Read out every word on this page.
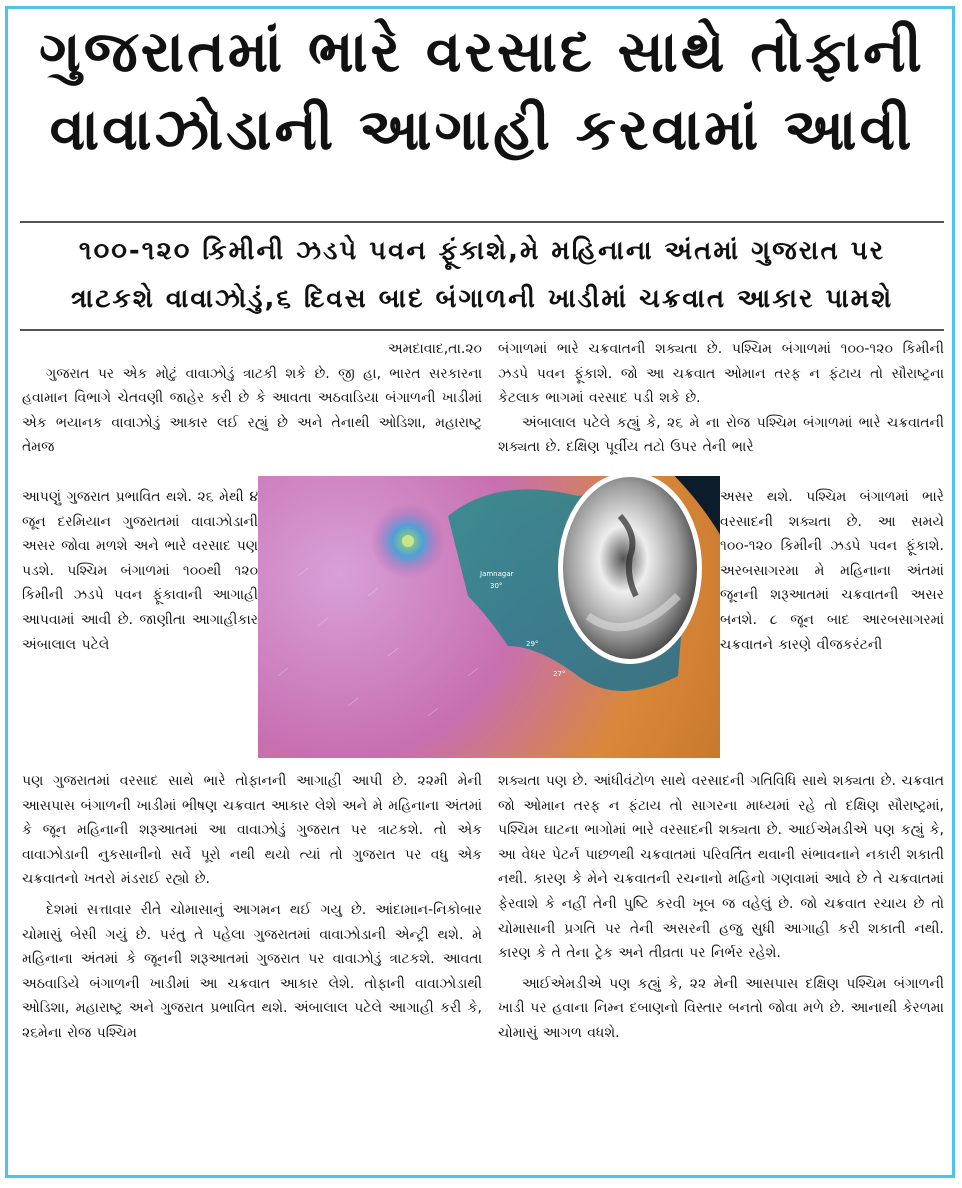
ગુજરાતમાં ભારે વરસાદ સાથે તોફાની
વાવાઝોડાની આગાહી કરવામાં આવી
૧૦૦-૧૨૦ કિમીની ઝડપે પવન ફૂંકાશે,મે મહિનાના અંતમાં ગુજરાત પર
ત્રાટકશે વાવાઝોડું,૬ દિવસ બાદ બંગાળની ખાડીમાં ચક્રવાત આકાર પામશે
અમદાવાદ,તા.૨૦

ગુજરાત પર એક મોટું વાવાઝોડું ત્રાટકી શકે છે. જી હા, ભારત સરકારના હવામાન વિભાગે ચેતવણી જાહેર કરી છે કે આવતા અઠવાડિયા બંગાળની ખાડીમાં એક ભયાનક વાવાઝોડું આકાર લઈ રહ્યું છે અને તેનાથી ઓડિશા, મહારાષ્ટ્ર તેમજ

આપણું ગુજરાત પ્રભાવિત થશે. ૨૬ મેથી ૪ જૂન દરમિયાન ગુજરાતમાં વાવાઝોડાની અસર જોવા મળશે અને ભારે વરસાદ પણ પડશે. પશ્ચિમ બંગાળમાં ૧૦૦થી ૧૨૦ કિમીની ઝડપે પવન ફૂંકાવાની આગાહી આપવામાં આવી છે. જાણીતા આગાહીકાર અંબાલાલ પટેલે

પણ ગુજરાતમાં વરસાદ સાથે ભારે તોફાનની આગાહી આપી છે. ૨૨મી મેની આસપાસ બંગાળની ખાડીમાં ભીષણ ચક્રવાત આકાર લેશે અને મે મહિનાના અંતમાં કે જૂન મહિનાની શરૂઆતમાં આ વાવાઝોડું ગુજરાત પર ત્રાટકશે. તો એક વાવાઝોડાની નુકસાનીનો સર્વે પૂરો નથી થયો ત્યાં તો ગુજરાત પર વધુ એક ચક્રવાતનો ખતરો મંડરાઈ રહ્યો છે.

દેશમાં સત્તાવાર રીતે ચોમાસાનું આગમન થઈ ગયુ છે. આંદામાન-નિકોબાર ચોમાસું બેસી ગયું છે. પરંતુ તે પહેલા ગુજરાતમાં વાવાઝોડાની એન્ટ્રી થશે. મે મહિનાના અંતમાં કે જૂનની શરૂઆતમાં ગુજરાત પર વાવાઝોડું ત્રાટકશે. આવતા અઠવાડિયે બંગાળની ખાડીમાં આ ચક્રવાત આકાર લેશે. તોફાની વાવાઝોડાથી ઓડિશા, મહારાષ્ટ્ર અને ગુજરાત પ્રભાવિત થશે. અંબાલાલ પટેલે આગાહી કરી કે, ૨૬મેના રોજ પશ્ચિમ

બંગાળમાં ભારે ચક્રવાતની શક્યતા છે. પશ્ચિમ બંગાળમાં ૧૦૦-૧૨૦ કિમીની ઝડપે પવન ફૂંકાશે. જો આ ચક્રવાત ઓમાન તરફ ન ફંટાય તો સૌરાષ્ટ્રના કેટલાક ભાગમાં વરસાદ પડી શકે છે.

અંબાલાલ પટેલે કહ્યું કે, ૨૬ મે ના રોજ પશ્ચિમ બંગાળમાં ભારે ચક્રવાતની શક્યતા છે. દક્ષિણ પૂર્વીય તટો ઉપર તેની ભારે

અસર થશે. પશ્ચિમ બંગાળમાં ભારે વરસાદની શક્યતા છે. આ સમયે ૧૦૦-૧૨૦ કિમીની ઝડપે પવન ફૂંકાશે. અરબસાગરમા મે મહિનાના અંતમાં જૂનની શરૂઆતમાં ચક્રવાતની અસર બનશે. ૮ જૂન બાદ આરબસાગરમાં ચક્રવાતને કારણે વીજકરંટની

શક્યતા પણ છે. આંધીવંટોળ સાથે વરસાદની ગતિવિધિ સાથે શક્યતા છે. ચક્રવાત જો ઓમાન તરફ ન ફંટાય તો સાગરના માધ્યમાં રહે તો દક્ષિણ સૌરાષ્ટ્રમાં, પશ્ચિમ ઘાટના ભાગોમાં ભારે વરસાદની શક્યતા છે. આઈએમડીએ પણ કહ્યું કે, આ વેધર પેટર્ન પાછળથી ચક્રવાતમાં પરિવર્તિત થવાની સંભાવનાને નકારી શકાતી નથી. કારણ કે મેને ચક્રવાતની રચનાનો મહિનો ગણવામાં આવે છે તે ચક્રવાતમાં ફેરવાશે કે નહીં તેની પુષ્ટિ કરવી ખૂબ જ વહેલું છે. જો ચક્રવાત રચાય છે તો ચોમાસાની પ્રગતિ પર તેની અસરની હજુ સુધી આગાહી કરી શકાતી નથી. કારણ કે તે તેના ટ્રેક અને તીવ્રતા પર નિર્ભર રહેશે.

આઈએમડીએ પણ કહ્યું કે, ૨૨ મેની આસપાસ દક્ષિણ પશ્ચિમ બંગાળની ખાડી પર હવાના નિમ્ન દબાણનો વિસ્તાર બનતો જોવા મળે છે. આનાથી કેરળમા ચોમાસું આગળ વધશે.

Jamnagar
30°
29°
27°
